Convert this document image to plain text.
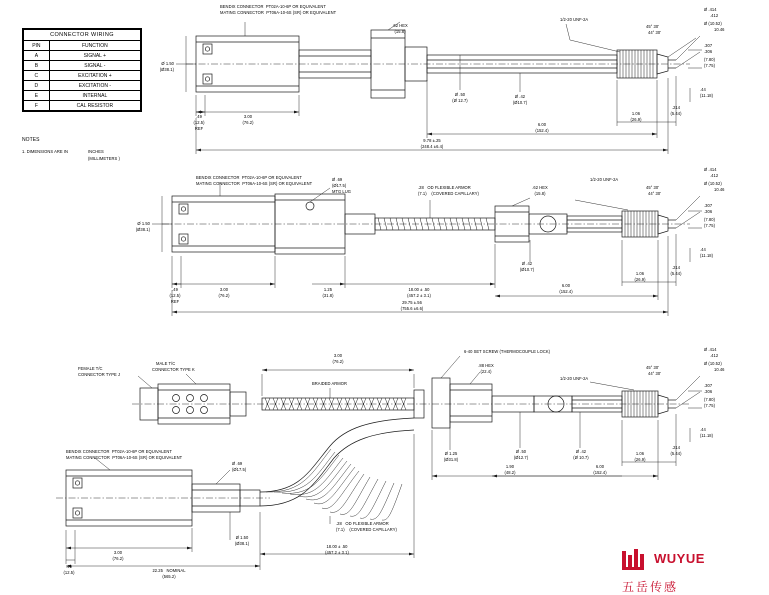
CONNECTOR WIRING	
PIN	FUNCTION
A	SIGNAL +
B	SIGNAL -
C	EXCITATION +
D	EXCITATION -
E	INTERNAL
F	CAL RESISTOR
NOTES
1. DIMENSIONS ARE IN	INCHES
(MILLIMETERS )
BENDIX CONNECTOR  PT02A-10-6P OR EQUIVALENT
MATING CONNECTOR  PT06A-10-6S (SR) OR EQUIVALENT
.62 HEX
(15.8)
1/2-20 UNF-2A
Ø 1.50
(Ø38.1)
.49
(12.5)
REF
3.00
(76.2)
Ø .50
(Ø 12.7)
Ø .42
(Ø10.7)
6.00
(152.4)
9.78 ±.25
(248.4 ±6.4)
1.06
(26.9)
.214
(5.44)
.44
(11.18)
Ø .414
.412
Ø (10.52)
10.46
.307
.306
(7.80)
(7.75)
45° 30'
44° 30'
BENDIX CONNECTOR  PT02A-10-6P OR EQUIVALENT
MATING CONNECTOR  PT06A-10-6S (SR) OR EQUIVALENT
Ø .69
(Ø17.5)
MTG LUG
.28   OD FLEXIBLE ARMOR
(7.1)    (COVERED CAPILLARY)
.62 HEX
(15.8)
1/2-20 UNF-2A
Ø 1.50
(Ø38.1)
.49
(12.5)
REF
3.00
(76.2)
1.25
(31.8)
18.00 ± .50
(457.2 ± 3.1)
6.00
(152.4)
29.75 ±.56
(755.6 ±6.6)
Ø .42
(Ø10.7)
1.06
(26.9)
.214
(5.44)
.44
(11.18)
Ø .414
.412
Ø (10.52)
10.46
.307
.306
(7.80)
(7.75)
45° 30'
44° 30'
FEMALE T/C
CONNECTOR TYPE J
MALE T/C
CONNECTOR TYPE K
BRAIDED ARMOR
3.00
(76.2)
6-40 SET SCREW (THERMOCOUPLE LOCK)
.88 HEX
(22.4)
1/2-20 UNF-2A
Ø 1.25
(Ø31.8)
Ø .50
(Ø12.7)
Ø .42
(Ø 10.7)
1.90
(48.2)
6.00
(152.4)
1.06
(26.9)
.214
(5.44)
.44
(11.18)
Ø .414
.412
Ø (10.52)
10.46
.307
.306
(7.80)
(7.75)
45° 30'
44° 30'
BENDIX CONNECTOR  PT02A-10-6P OR EQUIVALENT
MATING CONNECTOR  PT06A-10-6S (SR) OR EQUIVALENT
Ø .69
(Ø17.5)
.28   OD FLEXIBLE ARMOR
(7.1)    (COVERED CAPILLARY)
3.00
(76.2)
.49
(12.5)
Ø 1.50
(Ø38.1)
18.00 ± .50
(457.2 ± 3.1)
22.25   NOMINAL
(565.2)
WUYUE
五岳传感
